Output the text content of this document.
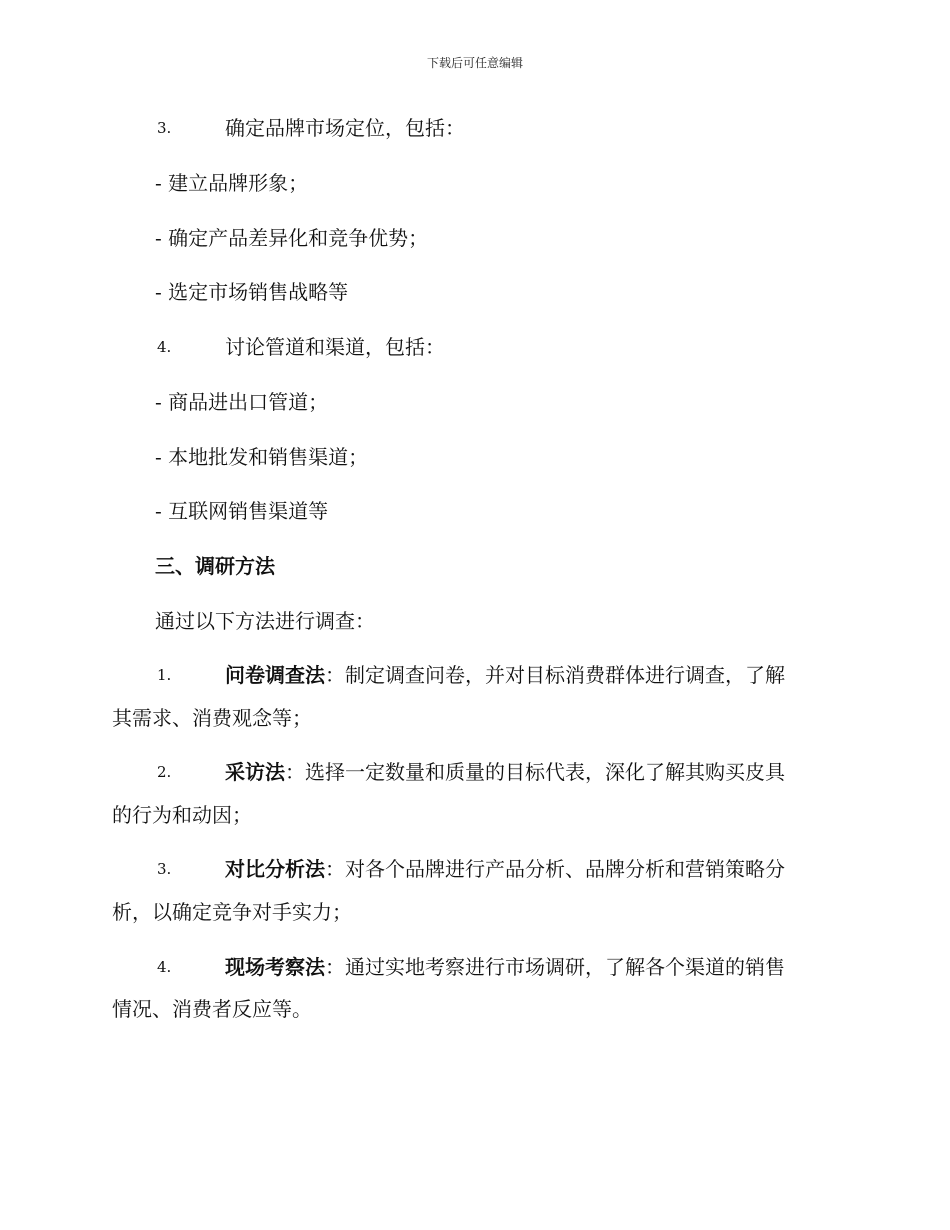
下载后可任意编辑
3.	确定品牌市场定位，包括：
- 建立品牌形象；
- 确定产品差异化和竞争优势；
- 选定市场销售战略等
4.	讨论管道和渠道，包括：
- 商品进出口管道；
- 本地批发和销售渠道；
- 互联网销售渠道等
三、调研方法
通过以下方法进行调查：
1.	问卷调查法：制定调查问卷，并对目标消费群体进行调查，了解
其需求、消费观念等；
2.	采访法：选择一定数量和质量的目标代表，深化了解其购买皮具
的行为和动因；
3.	对比分析法：对各个品牌进行产品分析、品牌分析和营销策略分
析，以确定竞争对手实力；
4.	现场考察法：通过实地考察进行市场调研，了解各个渠道的销售
情况、消费者反应等。
